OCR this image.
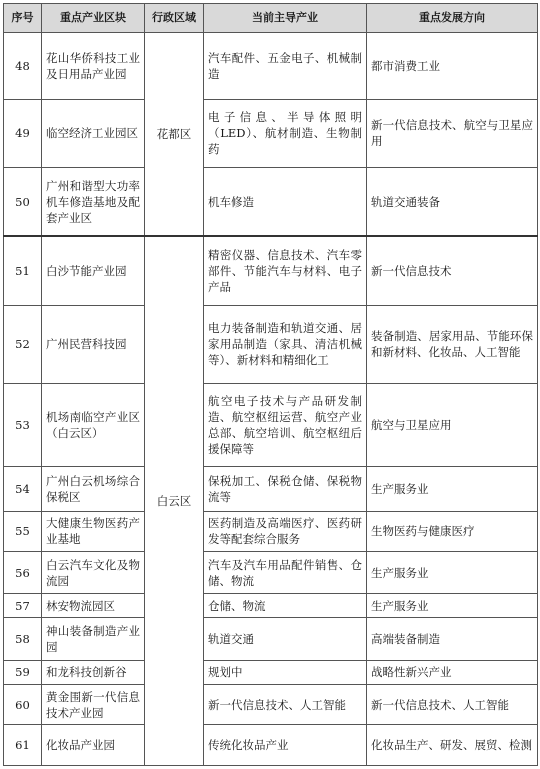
序号	重点产业区块	行政区域	当前主导产业	重点发展方向
48	花山华侨科技工业及日用品产业园	花都区	汽车配件、五金电子、机械制造	都市消费工业
49	临空经济工业园区		电子信息、半导体照明（LED）、航材制造、生物制药	新一代信息技术、航空与卫星应用
50	广州和谐型大功率机车修造基地及配套产业区		机车修造	轨道交通装备
51	白沙节能产业园	白云区	精密仪器、信息技术、汽车零部件、节能汽车与材料、电子产品	新一代信息技术
52	广州民营科技园		电力装备制造和轨道交通、居家用品制造（家具、清洁机械等）、新材料和精细化工	装备制造、居家用品、节能环保和新材料、化妆品、人工智能
53	机场南临空产业区（白云区）		航空电子技术与产品研发制造、航空枢纽运营、航空产业总部、航空培训、航空枢纽后援保障等	航空与卫星应用
54	广州白云机场综合保税区		保税加工、保税仓储、保税物流等	生产服务业
55	大健康生物医药产业基地		医药制造及高端医疗、医药研发等配套综合服务	生物医药与健康医疗
56	白云汽车文化及物流园		汽车及汽车用品配件销售、仓储、物流	生产服务业
57	林安物流园区		仓储、物流	生产服务业
58	神山装备制造产业园		轨道交通	高端装备制造
59	和龙科技创新谷		规划中	战略性新兴产业
60	黄金围新一代信息技术产业园		新一代信息技术、人工智能	新一代信息技术、人工智能
61	化妆品产业园		传统化妆品产业	化妆品生产、研发、展贸、检测
